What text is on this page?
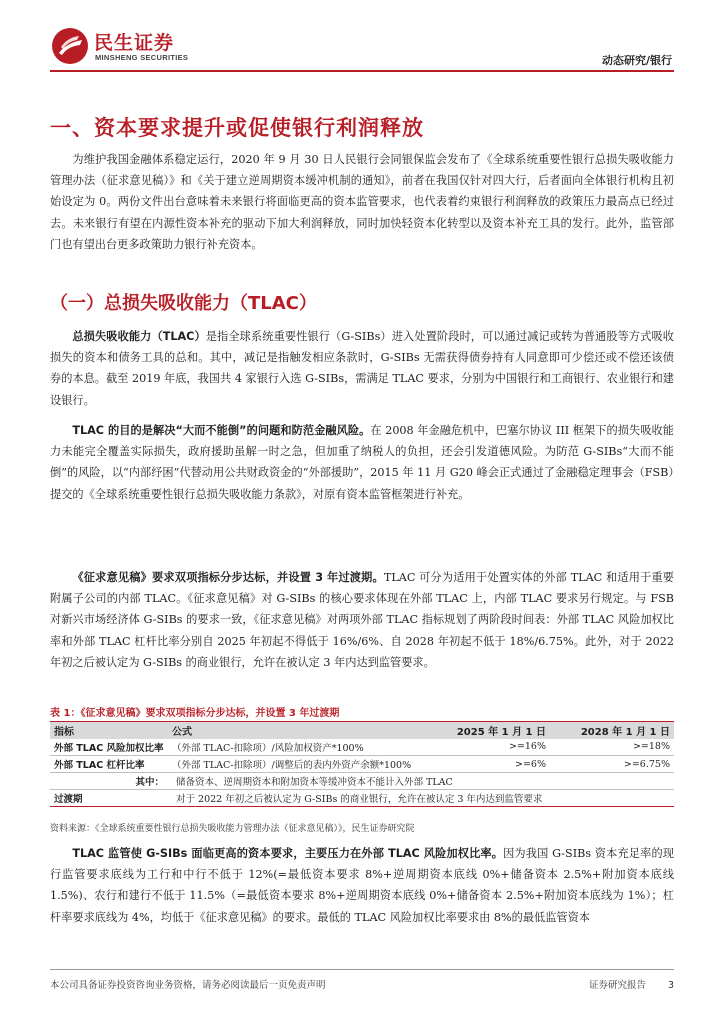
民生证券
MINSHENG SECURITIES	动态研究/银行
一、资本要求提升或促使银行利润释放
为维护我国金融体系稳定运行，2020 年 9 月 30 日人民银行会同银保监会发布了《全球系统重要性银行总损失吸收能力管理办法（征求意见稿）》和《关于建立逆周期资本缓冲机制的通知》，前者在我国仅针对四大行，后者面向全体银行机构且初始设定为 0。两份文件出台意味着未来银行将面临更高的资本监管要求，也代表着约束银行利润释放的政策压力最高点已经过去。未来银行有望在内源性资本补充的驱动下加大利润释放，同时加快轻资本化转型以及资本补充工具的发行。此外，监管部门也有望出台更多政策助力银行补充资本。
（一）总损失吸收能力（TLAC）
总损失吸收能力（TLAC）是指全球系统重要性银行（G-SIBs）进入处置阶段时，可以通过减记或转为普通股等方式吸收损失的资本和债务工具的总和。其中，减记是指触发相应条款时，G-SIBs 无需获得债券持有人同意即可少偿还或不偿还该债券的本息。截至 2019 年底，我国共 4 家银行入选 G-SIBs，需满足 TLAC 要求，分别为中国银行和工商银行、农业银行和建设银行。
TLAC 的目的是解决“大而不能倒”的问题和防范金融风险。在 2008 年金融危机中，巴塞尔协议 III 框架下的损失吸收能力未能完全覆盖实际损失，政府援助虽解一时之急，但加重了纳税人的负担，还会引发道德风险。为防范 G-SIBs“大而不能倒”的风险，以“内部纾困”代替动用公共财政资金的“外部援助”，2015 年 11 月 G20 峰会正式通过了金融稳定理事会（FSB）提交的《全球系统重要性银行总损失吸收能力条款》，对原有资本监管框架进行补充。
《征求意见稿》要求双项指标分步达标，并设置 3 年过渡期。TLAC 可分为适用于处置实体的外部 TLAC 和适用于重要附属子公司的内部 TLAC。《征求意见稿》对 G-SIBs 的核心要求体现在外部 TLAC 上，内部 TLAC 要求另行规定。与 FSB 对新兴市场经济体 G-SIBs 的要求一致，《征求意见稿》对两项外部 TLAC 指标规划了两阶段时间表：外部 TLAC 风险加权比率和外部 TLAC 杠杆比率分别自 2025 年初起不得低于 16%/6%、自 2028 年初起不低于 18%/6.75%。此外，对于 2022 年初之后被认定为 G-SIBs 的商业银行，允许在被认定 3 年内达到监管要求。
表 1：《征求意见稿》要求双项指标分步达标，并设置 3 年过渡期
指标	公式	2025 年 1 月 1 日	2028 年 1 月 1 日
外部 TLAC 风险加权比率	（外部 TLAC-扣除项）/风险加权资产*100%	>=16%	>=18%
外部 TLAC 杠杆比率	（外部 TLAC-扣除项）/调整后的表内外资产余额*100%	>=6%	>=6.75%
其中：	储备资本、逆周期资本和附加资本等缓冲资本不能计入外部 TLAC		
过渡期	对于 2022 年初之后被认定为 G-SIBs 的商业银行，允许在被认定 3 年内达到监管要求		
资料来源：《全球系统重要性银行总损失吸收能力管理办法（征求意见稿）》，民生证券研究院
TLAC 监管使 G-SIBs 面临更高的资本要求，主要压力在外部 TLAC 风险加权比率。因为我国 G-SIBs 资本充足率的现行监管要求底线为工行和中行不低于 12%(=最低资本要求 8%+逆周期资本底线 0%+储备资本 2.5%+附加资本底线 1.5%)、农行和建行不低于 11.5%（=最低资本要求 8%+逆周期资本底线 0%+储备资本 2.5%+附加资本底线为 1%）；杠杆率要求底线为 4%，均低于《征求意见稿》的要求。最低的 TLAC 风险加权比率要求由 8%的最低监管资本
本公司具备证券投资咨询业务资格，请务必阅读最后一页免责声明	证券研究报告 3
